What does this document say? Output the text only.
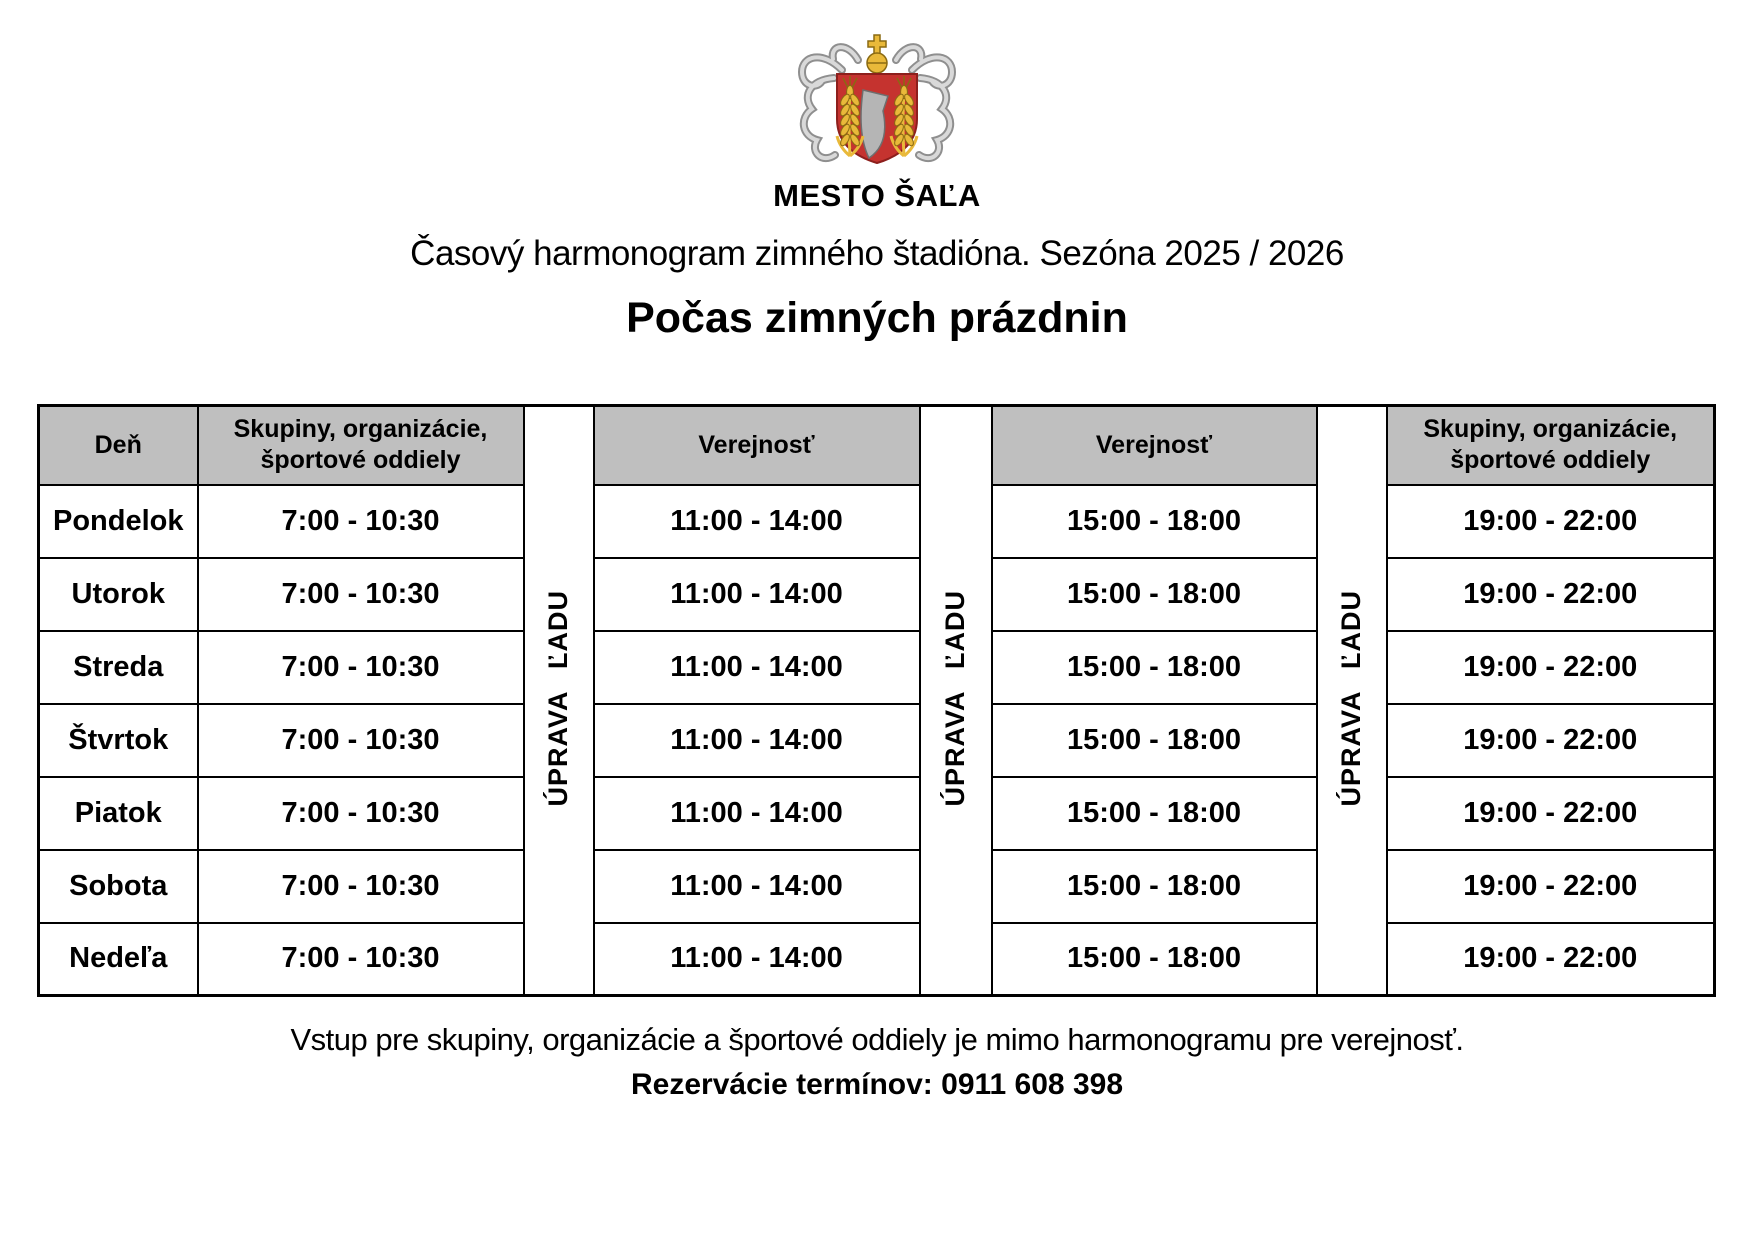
MESTO ŠAĽA
Časový harmonogram zimného štadióna. Sezóna 2025 / 2026
Počas zimných prázdnin
Deň	Skupiny, organizácie, športové oddiely	ÚPRAVA ĽADU	Verejnosť	ÚPRAVA ĽADU	Verejnosť	ÚPRAVA ĽADU	Skupiny, organizácie, športové oddiely
Pondelok	7:00 - 10:30		11:00 - 14:00		15:00 - 18:00		19:00 - 22:00
Utorok	7:00 - 10:30		11:00 - 14:00		15:00 - 18:00		19:00 - 22:00
Streda	7:00 - 10:30		11:00 - 14:00		15:00 - 18:00		19:00 - 22:00
Štvrtok	7:00 - 10:30		11:00 - 14:00		15:00 - 18:00		19:00 - 22:00
Piatok	7:00 - 10:30		11:00 - 14:00		15:00 - 18:00		19:00 - 22:00
Sobota	7:00 - 10:30		11:00 - 14:00		15:00 - 18:00		19:00 - 22:00
Nedeľa	7:00 - 10:30		11:00 - 14:00		15:00 - 18:00		19:00 - 22:00
Vstup pre skupiny, organizácie a športové oddiely je mimo harmonogramu pre verejnosť.
Rezervácie termínov: 0911 608 398
